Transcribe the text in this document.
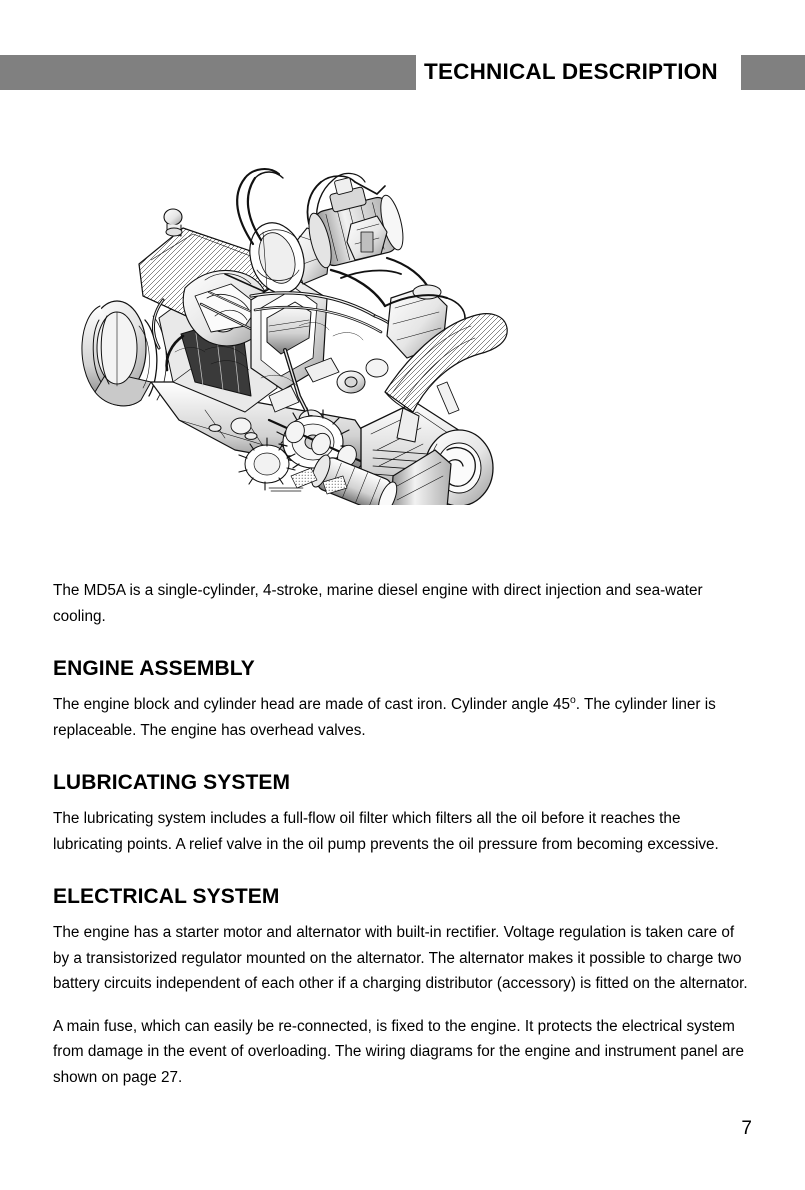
TECHNICAL DESCRIPTION

The MD5A is a single-cylinder, 4-stroke, marine diesel engine with direct injection and sea-water cooling.

ENGINE ASSEMBLY

The engine block and cylinder head are made of cast iron. Cylinder angle 45$^o$. The cylinder liner is replaceable. The engine has overhead valves.

LUBRICATING SYSTEM

The lubricating system includes a full-flow oil filter which filters all the oil before it reaches the lubricating points. A relief valve in the oil pump prevents the oil pressure from becoming excessive.

ELECTRICAL SYSTEM

The engine has a starter motor and alternator with built-in rectifier. Voltage regulation is taken care of by a transistorized regulator mounted on the alternator. The alternator makes it possible to charge two battery circuits independent of each other if a charging distributor (accessory) is fitted on the alternator.

A main fuse, which can easily be re-connected, is fixed to the engine. It protects the electrical system from damage in the event of overloading. The wiring diagrams for the engine and instrument panel are shown on page 27.

7
